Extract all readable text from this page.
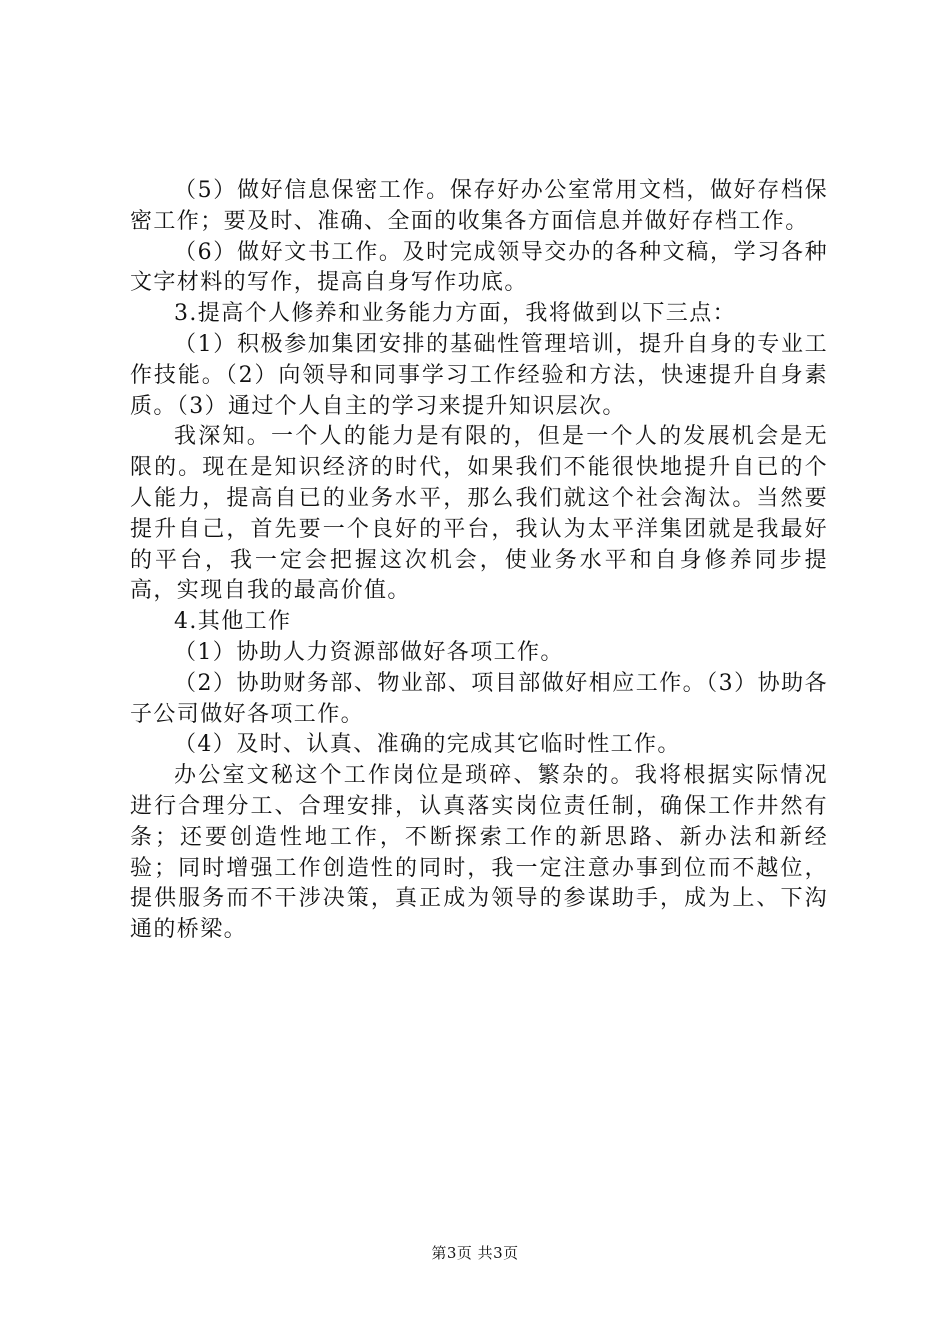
（5）做好信息保密工作。保存好办公室常用文档，做好存档保密工作；要及时、准确、全面的收集各方面信息并做好存档工作。

（6）做好文书工作。及时完成领导交办的各种文稿，学习各种文字材料的写作，提高自身写作功底。

3.提高个人修养和业务能力方面，我将做到以下三点：

（1）积极参加集团安排的基础性管理培训，提升自身的专业工作技能。（2）向领导和同事学习工作经验和方法，快速提升自身素质。（3）通过个人自主的学习来提升知识层次。

我深知。一个人的能力是有限的，但是一个人的发展机会是无限的。现在是知识经济的时代，如果我们不能很快地提升自已的个人能力，提高自已的业务水平，那么我们就这个社会淘汰。当然要提升自己，首先要一个良好的平台，我认为太平洋集团就是我最好的平台，我一定会把握这次机会，使业务水平和自身修养同步提高，实现自我的最高价值。

4.其他工作

（1）协助人力资源部做好各项工作。

（2）协助财务部、物业部、项目部做好相应工作。（3）协助各子公司做好各项工作。

（4）及时、认真、准确的完成其它临时性工作。

办公室文秘这个工作岗位是琐碎、繁杂的。我将根据实际情况进行合理分工、合理安排，认真落实岗位责任制，确保工作井然有条；还要创造性地工作，不断探索工作的新思路、新办法和新经验；同时增强工作创造性的同时，我一定注意办事到位而不越位，提供服务而不干涉决策，真正成为领导的参谋助手，成为上、下沟通的桥梁。

第3页 共3页
